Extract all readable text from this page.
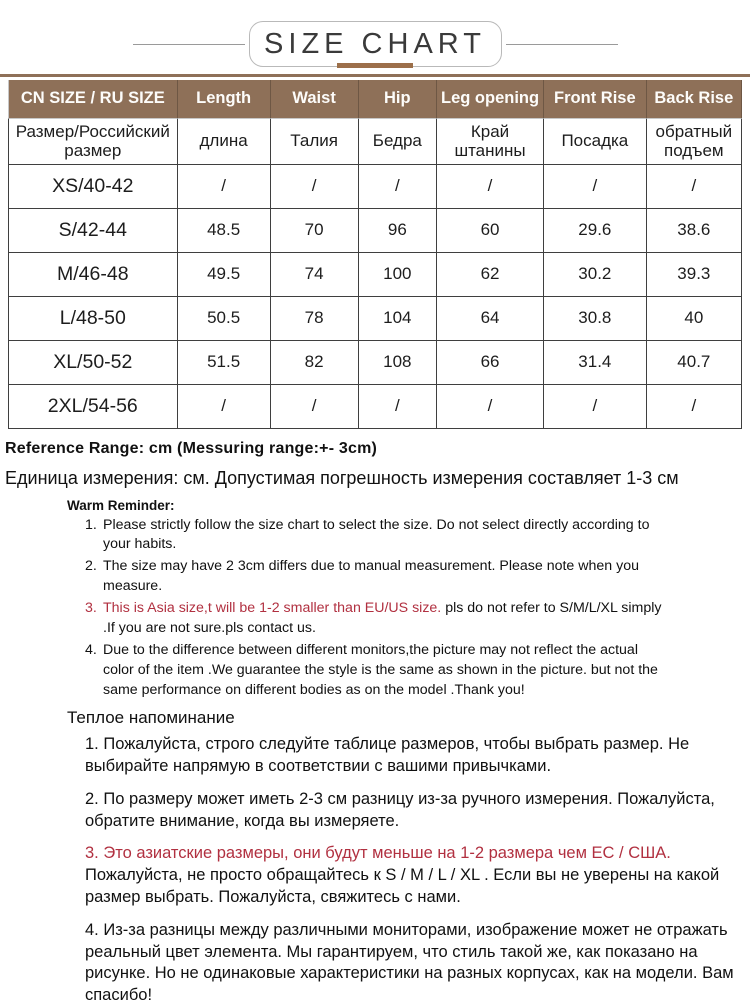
SIZE CHART
CN SIZE / RU SIZE	Length	Waist	Hip	Leg opening	Front Rise	Back Rise
Размер/Российский размер	длина	Талия	Бедра	Край штанины	Посадка	обратный подъем
XS/40-42	/	/	/	/	/	/
S/42-44	48.5	70	96	60	29.6	38.6
M/46-48	49.5	74	100	62	30.2	39.3
L/48-50	50.5	78	104	64	30.8	40
XL/50-52	51.5	82	108	66	31.4	40.7
2XL/54-56	/	/	/	/	/	/

Reference Range: cm (Messuring range:+- 3cm)

Единица измерения: см. Допустимая погрешность измерения составляет 1-3 см

Warm Reminder:

1. Please strictly follow the size chart to select the size. Do not select directly according to your habits.
2. The size may have 2 3cm differs due to manual measurement. Please note when you measure.
3. This is Asia size,t will be 1-2 smaller than EU/US size. pls do not refer to S/M/L/XL simply .If you are not sure.pls contact us.
4. Due to the difference between different monitors,the picture may not reflect the actual color of the item .We guarantee the style is the same as shown in the picture. but not the same performance on different bodies as on the model .Thank you!

Теплое напоминание

1. Пожалуйста, строго следуйте таблице размеров, чтобы выбрать размер. Не выбирайте напрямую в соответствии с вашими привычками.

2. По размеру может иметь 2-3 см разницу из-за ручного измерения. Пожалуйста, обратите внимание, когда вы измеряете.

3. Это азиатские размеры, они будут меньше на 1-2 размера чем ЕС / США. Пожалуйста, не просто обращайтесь к S / M / L / XL . Если вы не уверены на какой размер выбрать. Пожалуйста, свяжитесь с нами.

4. Из-за разницы между различными мониторами, изображение может не отражать реальный цвет элемента. Мы гарантируем, что стиль такой же, как показано на рисунке. Но не одинаковые характеристики на разных корпусах, как на модели. Вам спасибо!
